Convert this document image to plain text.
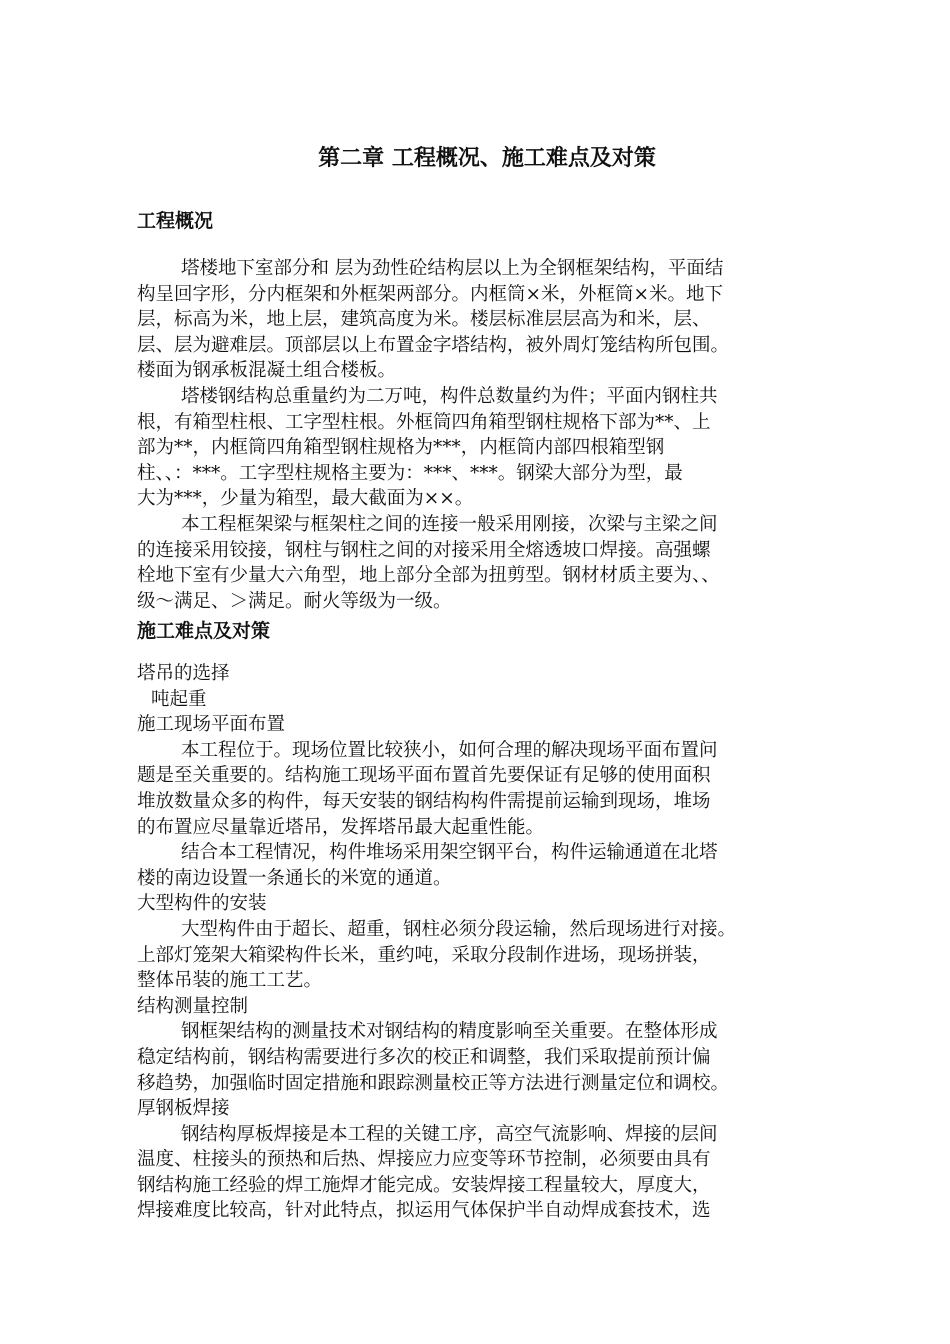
第二章 工程概况、施工难点及对策
工程概况
塔楼地下室部分和 层为劲性砼结构层以上为全钢框架结构，平面结
构呈回字形，分内框架和外框架两部分。内框筒×米，外框筒×米。地下
层，标高为米，地上层，建筑高度为米。楼层标准层层高为和米，层、
层、层为避难层。顶部层以上布置金字塔结构，被外周灯笼结构所包围。
楼面为钢承板混凝土组合楼板。
塔楼钢结构总重量约为二万吨，构件总数量约为件；平面内钢柱共
根，有箱型柱根、工字型柱根。外框筒四角箱型钢柱规格下部为**、上
部为**，内框筒四角箱型钢柱规格为***，内框筒内部四根箱型钢
柱、、：***。工字型柱规格主要为：***、***。钢梁大部分为型，最
大为***，少量为箱型，最大截面为××。
本工程框架梁与框架柱之间的连接一般采用刚接，次梁与主梁之间
的连接采用铰接，钢柱与钢柱之间的对接采用全熔透坡口焊接。高强螺
栓地下室有少量大六角型，地上部分全部为扭剪型。钢材材质主要为、、
级～满足、＞满足。耐火等级为一级。
施工难点及对策
塔吊的选择
吨起重
施工现场平面布置
本工程位于。现场位置比较狭小，如何合理的解决现场平面布置问
题是至关重要的。结构施工现场平面布置首先要保证有足够的使用面积
堆放数量众多的构件，每天安装的钢结构构件需提前运输到现场，堆场
的布置应尽量靠近塔吊，发挥塔吊最大起重性能。
结合本工程情况，构件堆场采用架空钢平台，构件运输通道在北塔
楼的南边设置一条通长的米宽的通道。
大型构件的安装
大型构件由于超长、超重，钢柱必须分段运输，然后现场进行对接。
上部灯笼架大箱梁构件长米，重约吨，采取分段制作进场，现场拼装，
整体吊装的施工工艺。
结构测量控制
钢框架结构的测量技术对钢结构的精度影响至关重要。在整体形成
稳定结构前，钢结构需要进行多次的校正和调整，我们采取提前预计偏
移趋势，加强临时固定措施和跟踪测量校正等方法进行测量定位和调校。
厚钢板焊接
钢结构厚板焊接是本工程的关键工序，高空气流影响、焊接的层间
温度、柱接头的预热和后热、焊接应力应变等环节控制，必须要由具有
钢结构施工经验的焊工施焊才能完成。安装焊接工程量较大，厚度大，
焊接难度比较高，针对此特点，拟运用气体保护半自动焊成套技术，选
